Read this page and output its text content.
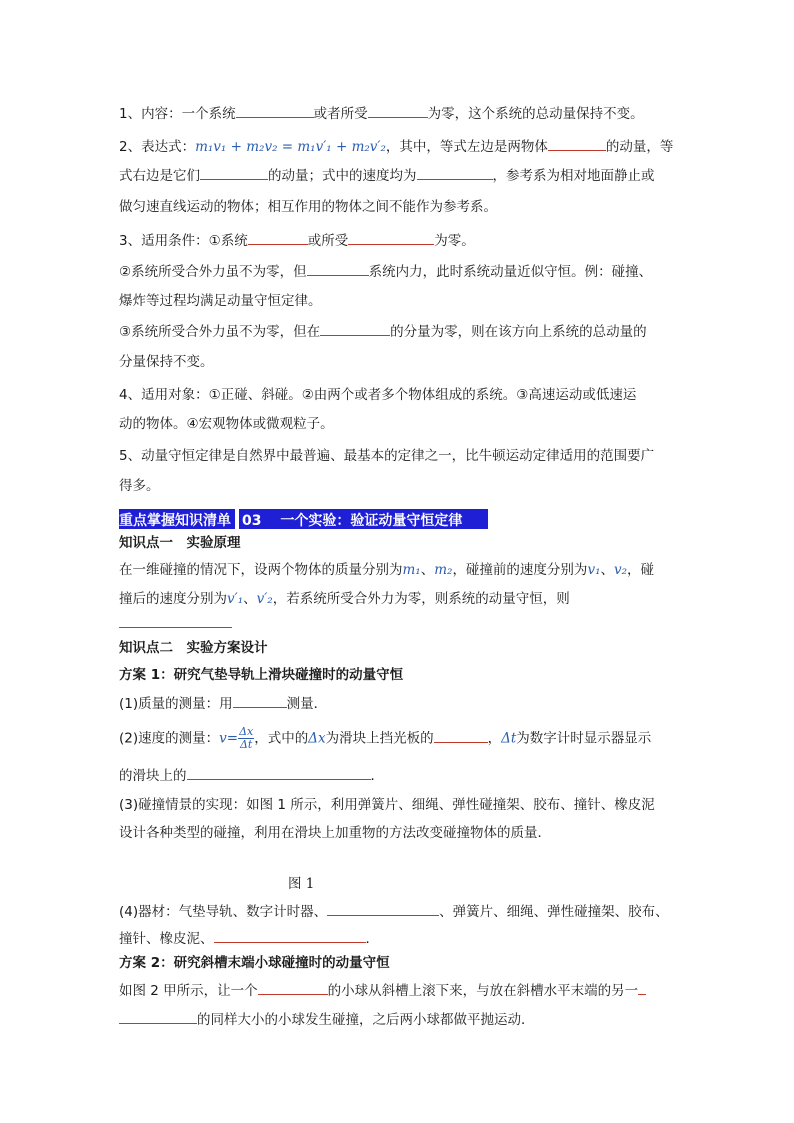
1、内容：一个系统	或者所受	为零，这个系统的总动量保持不变。
2、表达式：m₁v₁ + m₂v₂ = m₁v′₁ + m₂v′₂，其中，等式左边是两物体	的动量，等
式右边是它们	的动量；式中的速度均为	，参考系为相对地面静止或
做匀速直线运动的物体；相互作用的物体之间不能作为参考系。
3、适用条件：①系统	或所受	为零。
②系统所受合外力虽不为零，但	系统内力，此时系统动量近似守恒。例：碰撞、
爆炸等过程均满足动量守恒定律。
③系统所受合外力虽不为零，但在	的分量为零，则在该方向上系统的总动量的
分量保持不变。
4、适用对象：①正碰、斜碰。②由两个或者多个物体组成的系统。③高速运动或低速运
动的物体。④宏观物体或微观粒子。
5、动量守恒定律是自然界中最普遍、最基本的定律之一，比牛顿运动定律适用的范围要广
得多。
重点掌握知识清单 03　 一个实验：验证动量守恒定律
知识点一　实验原理
在一维碰撞的情况下，设两个物体的质量分别为m₁、m₂，碰撞前的速度分别为v₁、v₂，碰
撞后的速度分别为v′₁、v′₂，若系统所受合外力为零，则系统的动量守恒，则
知识点二　实验方案设计
方案 1：研究气垫导轨上滑块碰撞时的动量守恒
(1)质量的测量：用	测量．
(2)速度的测量：$v= \frac{\Delta x}{\Delta t}$ ，式中的Δx为滑块上挡光板的	，Δt为数字计时显示器显示
的滑块上的	．
(3)碰撞情景的实现：如图 1 所示，利用弹簧片、细绳、弹性碰撞架、胶布、撞针、橡皮泥
设计各种类型的碰撞，利用在滑块上加重物的方法改变碰撞物体的质量．
图 1
(4)器材：气垫导轨、数字计时器、	、弹簧片、细绳、弹性碰撞架、胶布、
撞针、橡皮泥、	．
方案 2：研究斜槽末端小球碰撞时的动量守恒
如图 2 甲所示，让一个	的小球从斜槽上滚下来，与放在斜槽水平末端的另一
的同样大小的小球发生碰撞，之后两小球都做平抛运动．
